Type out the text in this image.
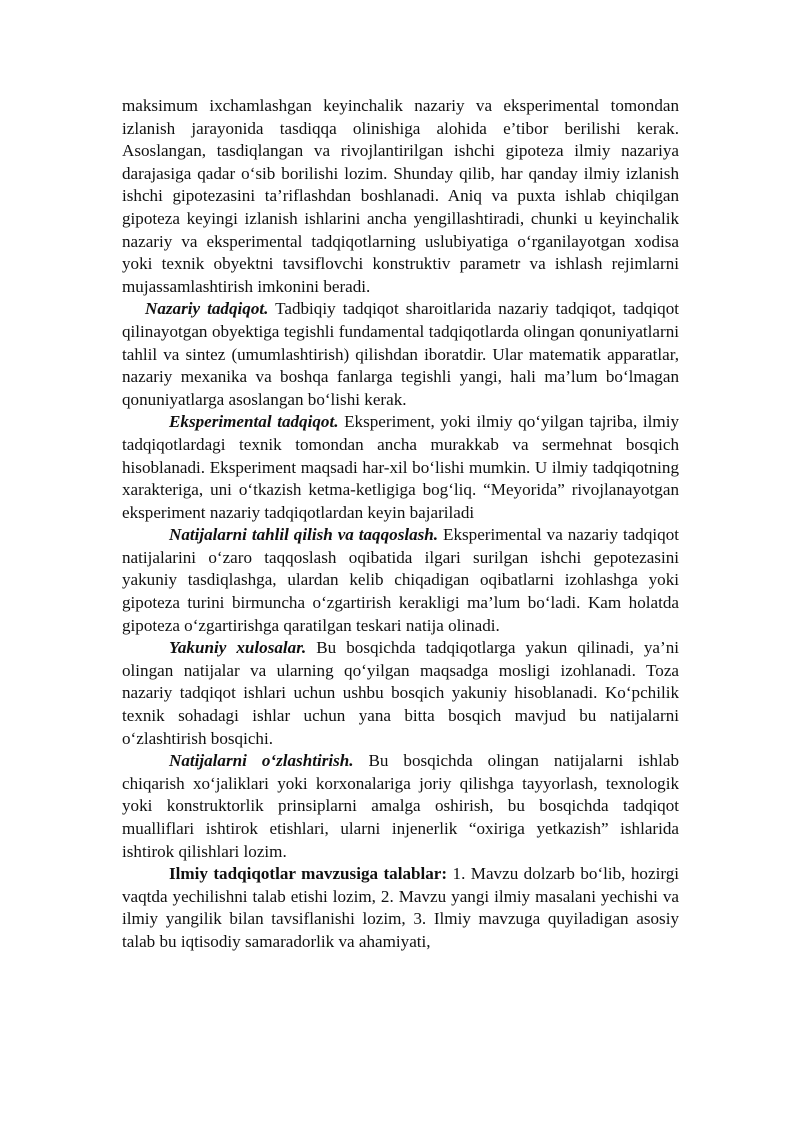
maksimum ixchamlashgan keyinchalik nazariy va eksperimental tomondan izlanish jarayonida tasdiqqa olinishiga alohida e’tibor berilishi kerak. Asoslangan, tasdiqlangan va rivojlantirilgan ishchi gipoteza ilmiy nazariya darajasiga qadar o‘sib borilishi lozim. Shunday qilib, har qanday ilmiy izlanish ishchi gipotezasini ta’riflashdan boshlanadi. Aniq va puxta ishlab chiqilgan gipoteza keyingi izlanish ishlarini ancha yengillashtiradi, chunki u keyinchalik nazariy va eksperimental tadqiqotlarning uslubiyatiga o‘rganilayotgan xodisa yoki texnik obyektni tavsiflovchi konstruktiv parametr va ishlash rejimlarni mujassamlashtirish imkonini beradi.

Nazariy tadqiqot. Tadbiqiy tadqiqot sharoitlarida nazariy tadqiqot, tadqiqot qilinayotgan obyektiga tegishli fundamental tadqiqotlarda olingan qonuniyatlarni tahlil va sintez (umumlashtirish) qilishdan iboratdir. Ular matematik apparatlar, nazariy mexanika va boshqa fanlarga tegishli yangi, hali ma’lum bo‘lmagan qonuniyatlarga asoslangan bo‘lishi kerak.

Eksperimental tadqiqot. Eksperiment, yoki ilmiy qo‘yilgan tajriba, ilmiy tadqiqotlardagi texnik tomondan ancha murakkab va sermehnat bosqich hisoblanadi. Eksperiment maqsadi har-xil bo‘lishi mumkin. U ilmiy tadqiqotning xarakteriga, uni o‘tkazish ketma-ketligiga bog‘liq. “Meyorida” rivojlanayotgan eksperiment nazariy tadqiqotlardan keyin bajariladi

Natijalarni tahlil qilish va taqqoslash. Eksperimental va nazariy tadqiqot natijalarini o‘zaro taqqoslash oqibatida ilgari surilgan ishchi gepotezasini yakuniy tasdiqlashga, ulardan kelib chiqadigan oqibatlarni izohlashga yoki gipoteza turini birmuncha o‘zgartirish kerakligi ma’lum bo‘ladi. Kam holatda gipoteza o‘zgartirishga qaratilgan teskari natija olinadi.

Yakuniy xulosalar. Bu bosqichda tadqiqotlarga yakun qilinadi, ya’ni olingan natijalar va ularning qo‘yilgan maqsadga mosligi izohlanadi. Toza nazariy tadqiqot ishlari uchun ushbu bosqich yakuniy hisoblanadi. Ko‘pchilik texnik sohadagi ishlar uchun yana bitta bosqich mavjud bu natijalarni o‘zlashtirish bosqichi.

Natijalarni o‘zlashtirish. Bu bosqichda olingan natijalarni ishlab chiqarish xo‘jaliklari yoki korxonalariga joriy qilishga tayyorlash, texnologik yoki konstruktorlik prinsiplarni amalga oshirish, bu bosqichda tadqiqot mualliflari ishtirok etishlari, ularni injenerlik “oxiriga yetkazish” ishlarida ishtirok qilishlari lozim.

Ilmiy tadqiqotlar mavzusiga talablar: 1. Mavzu dolzarb bo‘lib, hozirgi vaqtda yechilishni talab etishi lozim, 2. Mavzu yangi ilmiy masalani yechishi va ilmiy yangilik bilan tavsiflanishi lozim, 3. Ilmiy mavzuga quyiladigan asosiy talab bu iqtisodiy samaradorlik va ahamiyati,
